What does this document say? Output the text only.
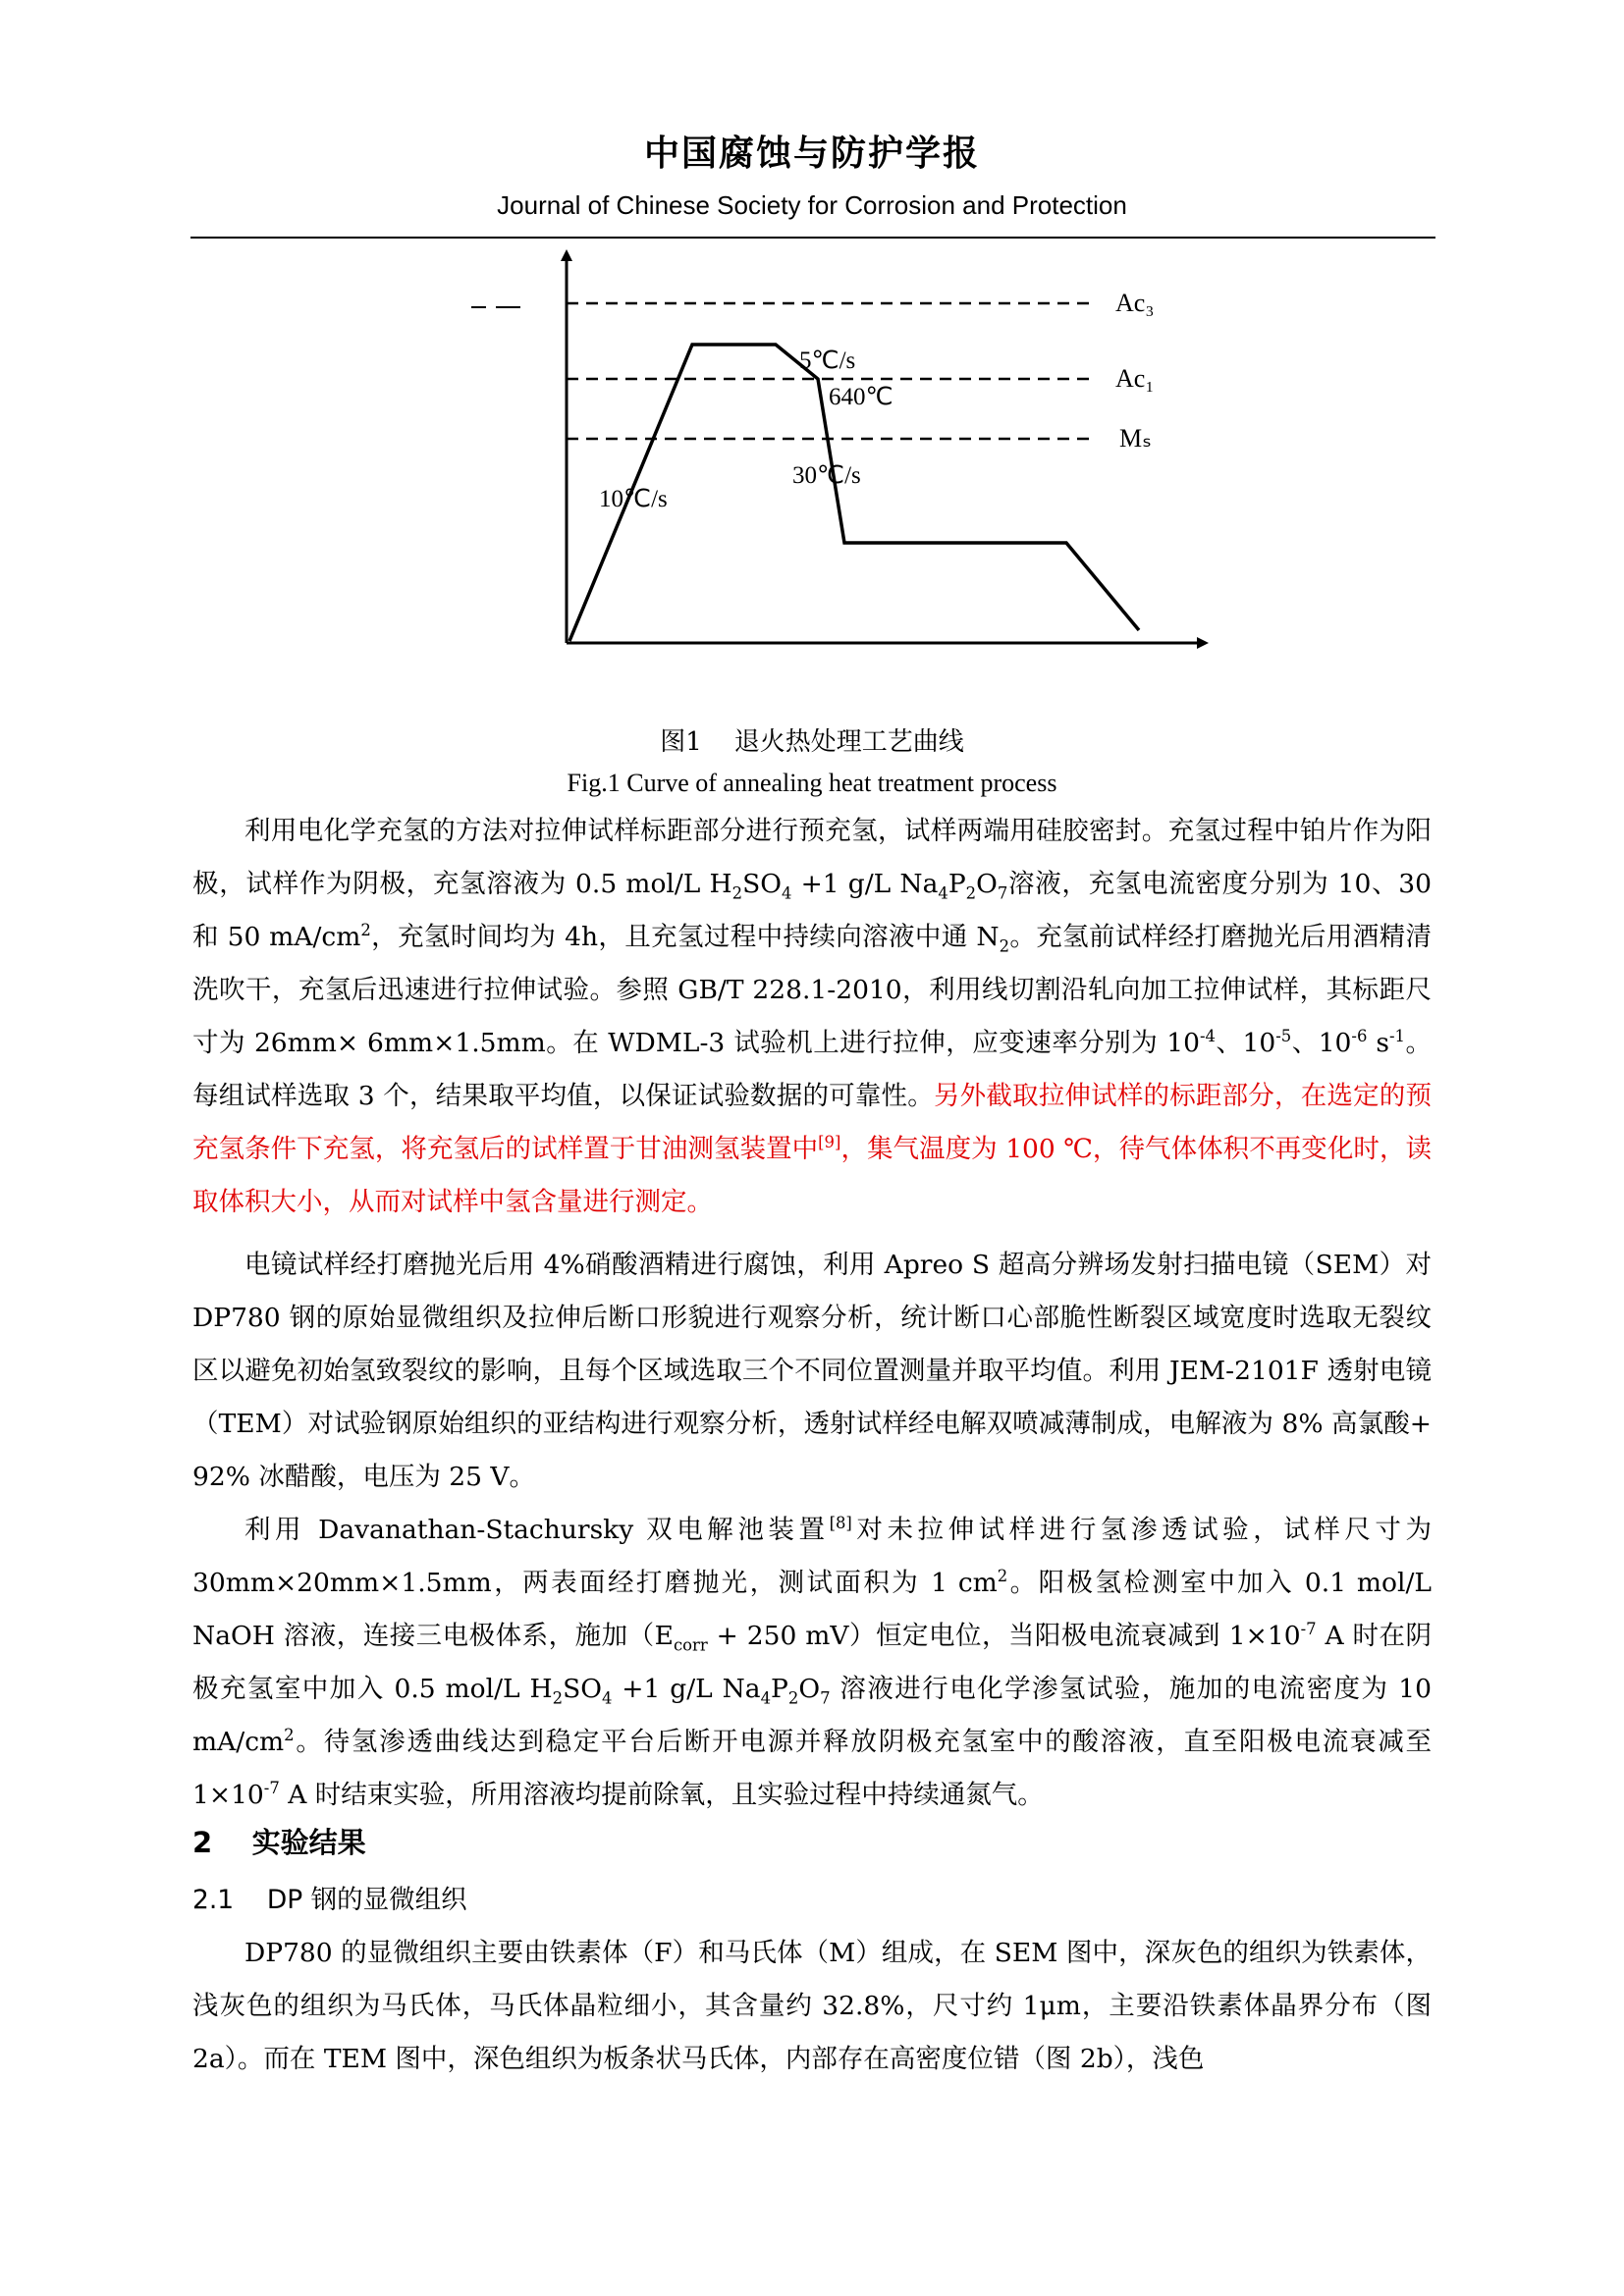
中国腐蚀与防护学报
Journal of Chinese Society for Corrosion and Protection
Ac₃
Ac₁
Mₛ
10℃/s
5℃/s
640℃
30℃/s
图1    退火热处理工艺曲线
Fig.1 Curve of annealing heat treatment process

利用电化学充氢的方法对拉伸试样标距部分进行预充氢，试样两端用硅胶密封。充氢过程中铂片作为阳极，试样作为阴极，充氢溶液为 0.5 mol/L $H_2SO_4 +1$ g/L $Na_4P_2O_7$溶液，充氢电流密度分别为 10、30 和 50 $mA/cm^2$，充氢时间均为 4h，且充氢过程中持续向溶液中通 $N_2$。充氢前试样经打磨抛光后用酒精清洗吹干，充氢后迅速进行拉伸试验。参照 GB/T 228.1-2010，利用线切割沿轧向加工拉伸试样，其标距尺寸为 26mm× 6mm×1.5mm。在 WDML-3 试验机上进行拉伸，应变速率分别为 $10^{-4}$、$10^{-5}$、$10^{-6}$ $s^{-1}$。每组试样选取 3 个，结果取平均值，以保证试验数据的可靠性。另外截取拉伸试样的标距部分，在选定的预充氢条件下充氢，将充氢后的试样置于甘油测氢装置中[9]，集气温度为 100 ℃，待气体体积不再变化时，读取体积大小，从而对试样中氢含量进行测定。

电镜试样经打磨抛光后用 4%硝酸酒精进行腐蚀，利用 Apreo S 超高分辨场发射扫描电镜（SEM）对 DP780 钢的原始显微组织及拉伸后断口形貌进行观察分析，统计断口心部脆性断裂区域宽度时选取无裂纹区以避免初始氢致裂纹的影响，且每个区域选取三个不同位置测量并取平均值。利用 JEM-2101F 透射电镜（TEM）对试验钢原始组织的亚结构进行观察分析，透射试样经电解双喷减薄制成，电解液为 8% 高氯酸+ 92% 冰醋酸，电压为 25 V。

利用 Davanathan-Stachursky 双电解池装置[8]对未拉伸试样进行氢渗透试验，试样尺寸为 30mm×20mm×1.5mm，两表面经打磨抛光，测试面积为 1 $cm^2$。阳极氢检测室中加入 0.1 mol/L NaOH 溶液，连接三电极体系，施加（$E_{corr} + 250$ mV）恒定电位，当阳极电流衰减到 $1\times 10^{-7}$ A 时在阴极充氢室中加入 0.5 mol/L $H_2SO_4 +1$ g/L $Na_4P_2O_7$ 溶液进行电化学渗氢试验，施加的电流密度为 10 $mA/cm^2$。待氢渗透曲线达到稳定平台后断开电源并释放阴极充氢室中的酸溶液，直至阳极电流衰减至 $1\times 10^{-7}$ A 时结束实验，所用溶液均提前除氧，且实验过程中持续通氮气。

2    实验结果
2.1    DP 钢的显微组织

DP780 的显微组织主要由铁素体（F）和马氏体（M）组成，在 SEM 图中，深灰色的组织为铁素体，浅灰色的组织为马氏体，马氏体晶粒细小，其含量约 32.8%，尺寸约 1μm，主要沿铁素体晶界分布（图 2a）。而在 TEM 图中，深色组织为板条状马氏体，内部存在高密度位错（图 2b），浅色
